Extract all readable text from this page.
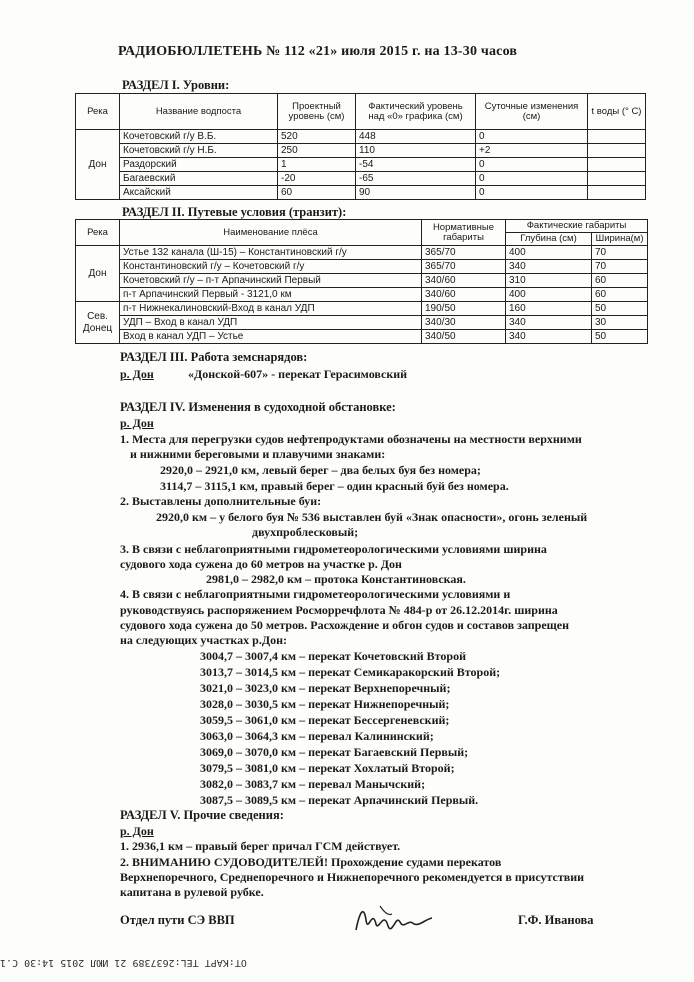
РАДИОБЮЛЛЕТЕНЬ № 112 «21» июля 2015 г. на 13-30 часов
РАЗДЕЛ I. Уровни:
Река	Название водпоста	Проектный уровень (см)	Фактический уровень над «0» графика (см)	Суточные изменения (см)	t воды (° С)
Дон	Кочетовский г/у В.Б.	520	448	0	
	Кочетовский г/у Н.Б.	250	110	+2	
	Раздорский	1	-54	0	
	Багаевский	-20	-65	0	
	Аксайский	60	90	0	
РАЗДЕЛ II. Путевые условия (транзит):
Река	Наименование плёса	Нормативные габариты	Фактические габариты	
			Глубина (см)	Ширина(м)
Дон	Устье 132 канала (Ш-15) – Константиновский г/у	365/70	400	70
	Константиновский г/у – Кочетовский г/у	365/70	340	70
	Кочетовский г/у – п-т Арпачинский Первый	340/60	310	60
	п-т Арпачинский Первый - 3121,0 км	340/60	400	60
Сев. Донец	п-т Нижнекалиновский-Вход в канал УДП	190/50	160	50
	УДП – Вход в канал УДП	340/30	340	30
	Вход в канал УДП – Устье	340/50	340	50
РАЗДЕЛ III. Работа земснарядов:
р. Дон	«Донской-607» - перекат Герасимовский
РАЗДЕЛ IV. Изменения в судоходной обстановке:
р. Дон
1. Места для перегрузки судов нефтепродуктами обозначены на местности верхними
и нижними береговыми и плавучими знаками:
2920,0 – 2921,0 км, левый берег – два белых буя без номера;
3114,7 – 3115,1 км, правый берег – один красный буй без номера.
2. Выставлены дополнительные буи:
2920,0 км – у белого буя № 536 выставлен буй «Знак опасности», огонь зеленый
двухпроблесковый;
3. В связи с неблагоприятными гидрометеорологическими условиями ширина
судового хода сужена до 60 метров на участке р. Дон
2981,0 – 2982,0 км – протока Константиновская.
4. В связи с неблагоприятными гидрометеорологическими условиями и
руководствуясь распоряжением Росморречфлота № 484-р от 26.12.2014г. ширина
судового хода сужена до 50 метров. Расхождение и обгон судов и составов запрещен
на следующих участках р.Дон:
3004,7 – 3007,4 км – перекат Кочетовский Второй
3013,7 – 3014,5 км – перекат Семикаракорский Второй;
3021,0 – 3023,0 км – перекат Верхнепоречный;
3028,0 – 3030,5 км – перекат Нижнепоречный;
3059,5 – 3061,0 км – перекат Бессергеневский;
3063,0 – 3064,3 км – перевал Калининский;
3069,0 – 3070,0 км – перекат Багаевский Первый;
3079,5 – 3081,0 км – перекат Хохлатый Второй;
3082,0 – 3083,7 км – перевал Манычский;
3087,5 – 3089,5 км – перекат Арпачинский Первый.
РАЗДЕЛ V. Прочие сведения:
р. Дон
1. 2936,1 км – правый берег причал ГСМ действует.
2. ВНИМАНИЮ СУДОВОДИТЕЛЕЙ! Прохождение судами перекатов
Верхнепоречного, Среднепоречного и Нижнепоречного рекомендуется в присутствии
капитана в рулевой рубке.
Отдел пути СЭ ВВП	Г.Ф. Иванова
OT:KAPT TEL:2637389 21 ИЮЛ 2015 14:30 С.1
